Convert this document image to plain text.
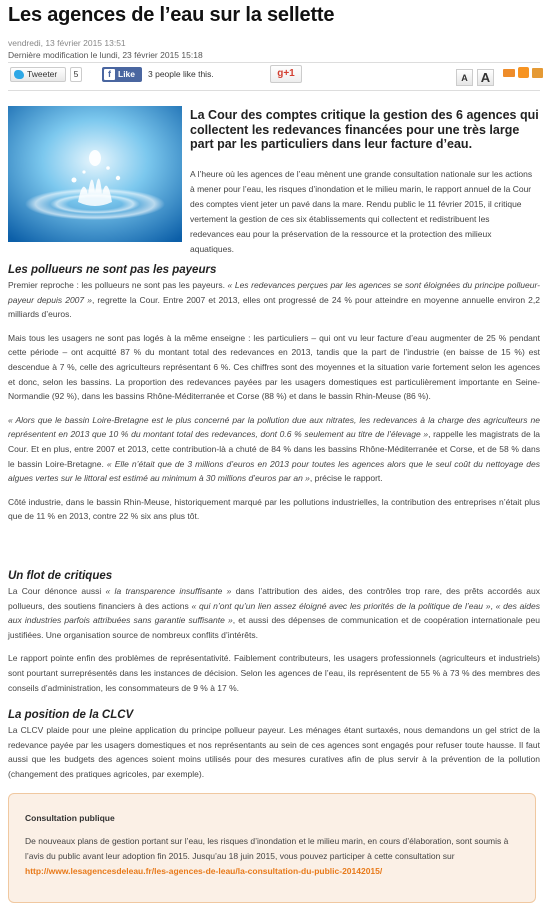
Les agences de l’eau sur la sellette
vendredi, 13 février 2015 13:51
Dernière modification le lundi, 23 février 2015 15:18
Tweeter	5	f Like	3 people like this.	g+1	A	A
La Cour des comptes critique la gestion des 6 agences qui collectent les redevances financées pour une très large part par les particuliers dans leur facture d’eau.
A l’heure où les agences de l’eau mènent une grande consultation nationale sur les actions à mener pour l’eau, les risques d’inondation et le milieu marin, le rapport annuel de la Cour des comptes vient jeter un pavé dans la mare. Rendu public le 11 février 2015, il critique vertement la gestion de ces six établissements qui collectent et redistribuent les redevances eau pour la préservation de la ressource et la protection des milieux aquatiques.
Les pollueurs ne sont pas les payeurs

Premier reproche : les pollueurs ne sont pas les payeurs. « Les redevances perçues par les agences se sont éloignées du principe pollueur-payeur depuis 2007 », regrette la Cour. Entre 2007 et 2013, elles ont progressé de 24 % pour atteindre en moyenne annuelle environ 2,2 milliards d’euros.

Mais tous les usagers ne sont pas logés à la même enseigne : les particuliers – qui ont vu leur facture d’eau augmenter de 25 % pendant cette période – ont acquitté 87 % du montant total des redevances en 2013, tandis que la part de l’industrie (en baisse de 15 %) est descendue à 7 %, celle des agriculteurs représentant 6 %. Ces chiffres sont des moyennes et la situation varie fortement selon les agences et donc, selon les bassins. La proportion des redevances payées par les usagers domestiques est particulièrement importante en Seine-Normandie (92 %), dans les bassins Rhône-Méditerranée et Corse (88 %) et dans le bassin Rhin-Meuse (86 %).

« Alors que le bassin Loire-Bretagne est le plus concerné par la pollution due aux nitrates, les redevances à la charge des agriculteurs ne représentent en 2013 que 10 % du montant total des redevances, dont 0.6 % seulement au titre de l’élevage », rappelle les magistrats de la Cour. Et en plus, entre 2007 et 2013, cette contribution-là a chuté de 84 % dans les bassins Rhône-Méditerranée et Corse, et de 58 % dans le bassin Loire-Bretagne. « Elle n’était que de 3 millions d’euros en 2013 pour toutes les agences alors que le seul coût du nettoyage des algues vertes sur le littoral est estimé au minimum à 30 millions d’euros par an », précise le rapport.

Côté industrie, dans le bassin Rhin-Meuse, historiquement marqué par les pollutions industrielles, la contribution des entreprises n’était plus que de 11 % en 2013, contre 22 % six ans plus tôt.

Un flot de critiques

La Cour dénonce aussi « la transparence insuffisante » dans l’attribution des aides, des contrôles trop rare, des prêts accordés aux pollueurs, des soutiens financiers à des actions « qui n’ont qu’un lien assez éloigné avec les priorités de la politique de l’eau », « des aides aux industries parfois attribuées sans garantie suffisante », et aussi des dépenses de communication et de coopération internationale peu justifiées. Une organisation source de nombreux conflits d’intérêts.

Le rapport pointe enfin des problèmes de représentativité. Faiblement contributeurs, les usagers professionnels (agriculteurs et industriels) sont pourtant surreprésentés dans les instances de décision. Selon les agences de l’eau, ils représentent de 55 % à 73 % des membres des conseils d’administration, les consommateurs de 9 % à 17 %.

La position de la CLCV

La CLCV plaide pour une pleine application du principe pollueur payeur. Les ménages étant surtaxés, nous demandons un gel strict de la redevance payée par les usagers domestiques et nos représentants au sein de ces agences sont engagés pour refuser toute hausse. Il faut aussi que les budgets des agences soient moins utilisés pour des mesures curatives afin de plus servir à la prévention de la pollution (changement des pratiques agricoles, par exemple).

Consultation publique
De nouveaux plans de gestion portant sur l’eau, les risques d’inondation et le milieu marin, en cours d’élaboration, sont soumis à l’avis du public avant leur adoption fin 2015. Jusqu’au 18 juin 2015, vous pouvez participer à cette consultation sur http://www.lesagencesdeleau.fr/les-agences-de-leau/la-consultation-du-public-20142015/
